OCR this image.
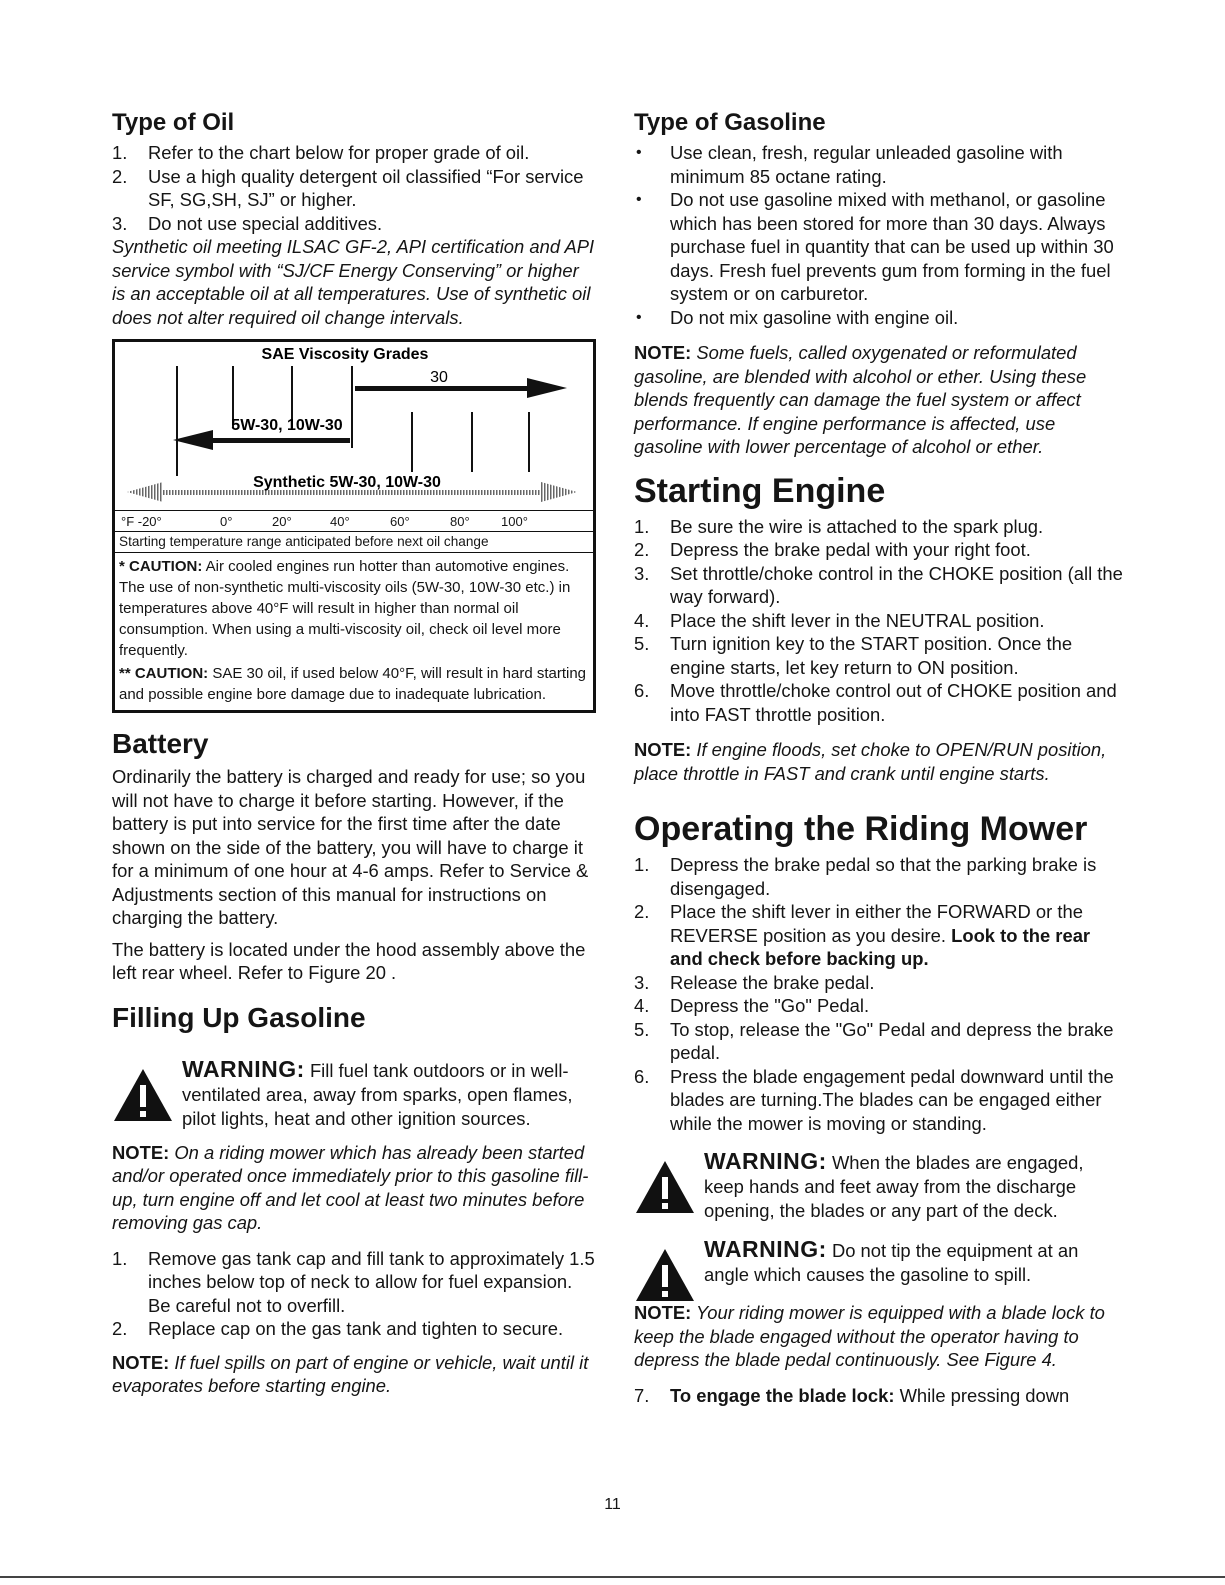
Type of Oil
1. Refer to the chart below for proper grade of oil.
2. Use a high quality detergent oil classified “For service SF, SG,SH, SJ” or higher.
3. Do not use special additives.

Synthetic oil meeting ILSAC GF-2, API certification and API service symbol with “SJ/CF Energy Conserving” or higher is an acceptable oil at all temperatures. Use of synthetic oil does not alter required oil change intervals.

SAE Viscosity Grades
30
5W-30, 10W-30
Synthetic 5W-30, 10W-30
°F -20°	0°	20°	40°	60°	80° 100°
Starting temperature range anticipated before next oil change
* CAUTION: Air cooled engines run hotter than automotive engines. The use of non-synthetic multi-viscosity oils (5W-30, 10W-30 etc.) in temperatures above 40°F will result in higher than normal oil consumption. When using a multi-viscosity oil, check oil level more frequently.
** CAUTION: SAE 30 oil, if used below 40°F, will result in hard starting and possible engine bore damage due to inadequate lubrication.
Battery

Ordinarily the battery is charged and ready for use; so you will not have to charge it before starting. However, if the battery is put into service for the first time after the date shown on the side of the battery, you will have to charge it for a minimum of one hour at 4-6 amps. Refer to Service & Adjustments section of this manual for instructions on charging the battery.

The battery is located under the hood assembly above the left rear wheel. Refer to Figure 20 .

Filling Up Gasoline

WARNING: Fill fuel tank outdoors or in well-ventilated area, away from sparks, open flames, pilot lights, heat and other ignition sources.

NOTE: On a riding mower which has already been started and/or operated once immediately prior to this gasoline fill-up, turn engine off and let cool at least two minutes before removing gas cap.

1. Remove gas tank cap and fill tank to approximately 1.5 inches below top of neck to allow for fuel expansion. Be careful not to overfill.
2. Replace cap on the gas tank and tighten to secure.

NOTE: If fuel spills on part of engine or vehicle, wait until it evaporates before starting engine.

Type of Gasoline
• Use clean, fresh, regular unleaded gasoline with minimum 85 octane rating.
• Do not use gasoline mixed with methanol, or gasoline which has been stored for more than 30 days. Always purchase fuel in quantity that can be used up within 30 days. Fresh fuel prevents gum from forming in the fuel system or on carburetor.
• Do not mix gasoline with engine oil.

NOTE: Some fuels, called oxygenated or reformulated gasoline, are blended with alcohol or ether. Using these blends frequently can damage the fuel system or affect performance. If engine performance is affected, use gasoline with lower percentage of alcohol or ether.

Starting Engine
1. Be sure the wire is attached to the spark plug.
2. Depress the brake pedal with your right foot.
3. Set throttle/choke control in the CHOKE position (all the way forward).
4. Place the shift lever in the NEUTRAL position.
5. Turn ignition key to the START position. Once the engine starts, let key return to ON position.
6. Move throttle/choke control out of CHOKE position and into FAST throttle position.

NOTE: If engine floods, set choke to OPEN/RUN position, place throttle in FAST and crank until engine starts.

Operating the Riding Mower
1. Depress the brake pedal so that the parking brake is disengaged.
2. Place the shift lever in either the FORWARD or the REVERSE position as you desire. Look to the rear and check before backing up.
3. Release the brake pedal.
4. Depress the "Go" Pedal.
5. To stop, release the "Go" Pedal and depress the brake pedal.
6. Press the blade engagement pedal downward until the blades are turning.The blades can be engaged either while the mower is moving or standing.

WARNING: When the blades are engaged, keep hands and feet away from the discharge opening, the blades or any part of the deck.

WARNING: Do not tip the equipment at an angle which causes the gasoline to spill.

NOTE: Your riding mower is equipped with a blade lock to keep the blade engaged without the operator having to depress the blade pedal continuously. See Figure 4.

7. To engage the blade lock: While pressing down
11
